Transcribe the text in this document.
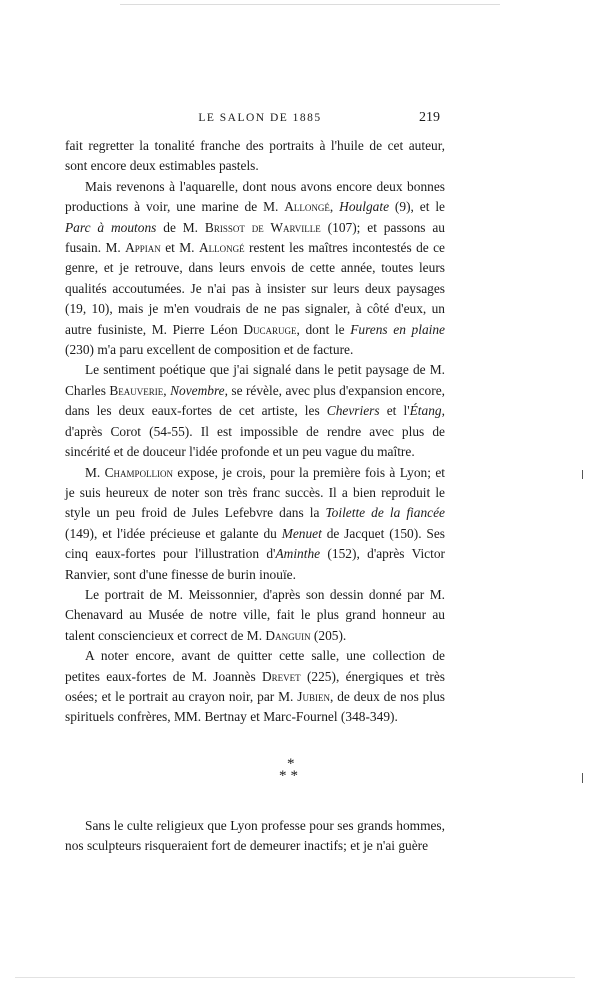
LE SALON DE 1885	219

fait regretter la tonalité franche des portraits à l'huile de cet auteur, sont encore deux estimables pastels.

Mais revenons à l'aquarelle, dont nous avons encore deux bonnes productions à voir, une marine de M. Allongé, Houlgate (9), et le Parc à moutons de M. Brissot de Warville (107); et passons au fusain. M. Appian et M. Allongé restent les maîtres incontestés de ce genre, et je retrouve, dans leurs envois de cette année, toutes leurs qualités accoutumées. Je n'ai pas à insister sur leurs deux paysages (19, 10), mais je m'en voudrais de ne pas signaler, à côté d'eux, un autre fusiniste, M. Pierre Léon Ducaruge, dont le Furens en plaine (230) m'a paru excellent de composition et de facture.

Le sentiment poétique que j'ai signalé dans le petit paysage de M. Charles Beauverie, Novembre, se révèle, avec plus d'expansion encore, dans les deux eaux-fortes de cet artiste, les Chevriers et l'Étang, d'après Corot (54-55). Il est impossible de rendre avec plus de sincérité et de douceur l'idée profonde et un peu vague du maître.

M. Champollion expose, je crois, pour la première fois à Lyon; et je suis heureux de noter son très franc succès. Il a bien reproduit le style un peu froid de Jules Lefebvre dans la Toilette de la fiancée (149), et l'idée précieuse et galante du Menuet de Jacquet (150). Ses cinq eaux-fortes pour l'illustration d'Aminthe (152), d'après Victor Ranvier, sont d'une finesse de burin inouïe.

Le portrait de M. Meissonnier, d'après son dessin donné par M. Chenavard au Musée de notre ville, fait le plus grand honneur au talent consciencieux et correct de M. Danguin (205).

A noter encore, avant de quitter cette salle, une collection de petites eaux-fortes de M. Joannès Drevet (225), énergiques et très osées; et le portrait au crayon noir, par M. Jubien, de deux de nos plus spirituels confrères, MM. Bertnay et Marc-Fournel (348-349).

*
**

Sans le culte religieux que Lyon professe pour ses grands hommes, nos sculpteurs risqueraient fort de demeurer inactifs; et je n'ai guère
